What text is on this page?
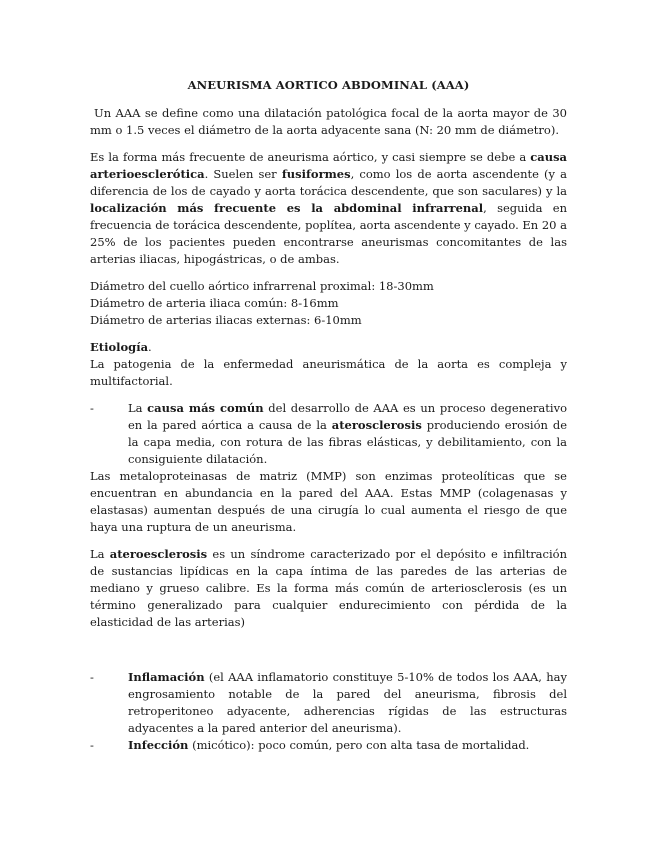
ANEURISMA AORTICO ABDOMINAL (AAA)

Un AAA se define como una dilatación patológica focal de la aorta mayor de 30 mm o 1.5 veces el diámetro de la aorta adyacente sana (N: 20 mm de diámetro).

Es la forma más frecuente de aneurisma aórtico, y casi siempre se debe a causa arterioesclerótica. Suelen ser fusiformes, como los de aorta ascendente (y a diferencia de los de cayado y aorta torácica descendente, que son saculares) y la localización más frecuente es la abdominal infrarrenal, seguida en frecuencia de torácica descendente, poplítea, aorta ascendente y cayado. En 20 a 25% de los pacientes pueden encontrarse aneurismas concomitantes de las arterias iliacas, hipogástricas, o de ambas.

Diámetro del cuello aórtico infrarrenal proximal: 18-30mm
Diámetro de arteria iliaca común: 8-16mm
Diámetro de arterias iliacas externas: 6-10mm
Etiología.

La patogenia de la enfermedad aneurismática de la aorta es compleja y multifactorial.

-	La causa más común del desarrollo de AAA es un proceso degenerativo en la pared aórtica a causa de la aterosclerosis produciendo erosión de la capa media, con rotura de las fibras elásticas, y debilitamiento, con la consiguiente dilatación.

Las metaloproteinasas de matriz (MMP) son enzimas proteolíticas que se encuentran en abundancia en la pared del AAA. Estas MMP (colagenasas y elastasas) aumentan después de una cirugía lo cual aumenta el riesgo de que haya una ruptura de un aneurisma.

La ateroesclerosis es un síndrome caracterizado por el depósito e infiltración de sustancias lipídicas en la capa íntima de las paredes de las arterias de mediano y grueso calibre. Es la forma más común de arteriosclerosis (es un término generalizado para cualquier endurecimiento con pérdida de la elasticidad de las arterias)

-	Inflamación (el AAA inflamatorio constituye 5-10% de todos los AAA, hay engrosamiento notable de la pared del aneurisma, fibrosis del retroperitoneo adyacente, adherencias rígidas de las estructuras adyacentes a la pared anterior del aneurisma).
-	Infección (micótico): poco común, pero con alta tasa de mortalidad.
